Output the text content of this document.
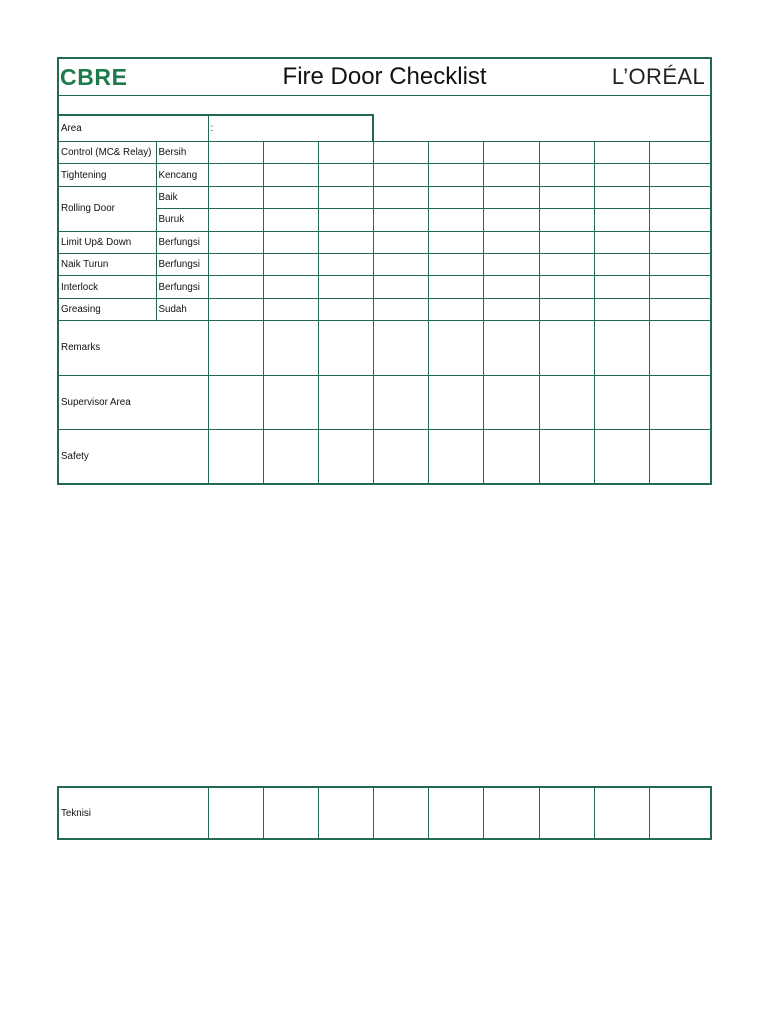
CBRE Fire Door Checklist L’ORÉAL										

Area		:								
Control (MC& Relay)	Bersih									
Tightening	Kencang									
Rolling Door	Baik									
	Buruk									
Limit Up& Down	Berfungsi									
Naik Turun	Berfungsi									
Interlock	Berfungsi									
Greasing	Sudah									
Remarks										
Supervisor Area										
Safety										
Teknisi									
